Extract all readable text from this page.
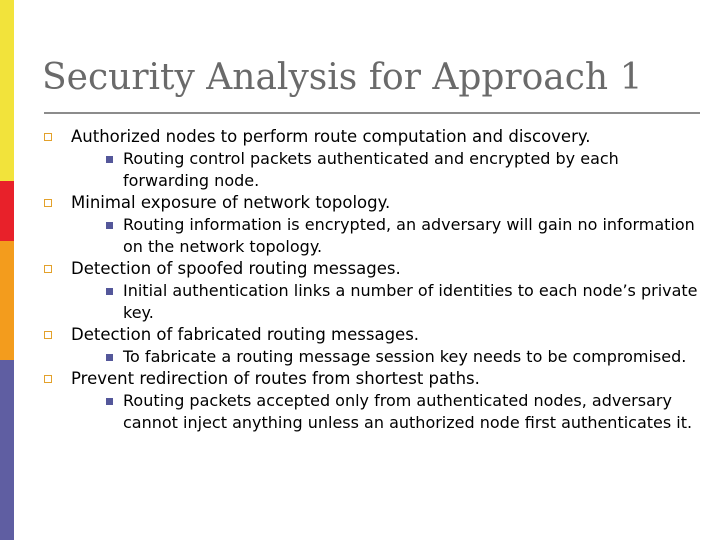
Security Analysis for Approach 1
Authorized nodes to perform route computation and discovery.
Routing control packets authenticated and encrypted by each forwarding node.
Minimal exposure of network topology.
Routing information is encrypted, an adversary will gain no information on the network topology.
Detection of spoofed routing messages.
Initial authentication links a number of identities to each node’s private key.
Detection of fabricated routing messages.
To fabricate a routing message session key needs to be compromised.
Prevent redirection of routes from shortest paths.
Routing packets accepted only from authenticated nodes, adversary cannot inject anything unless an authorized node first authenticates it.
